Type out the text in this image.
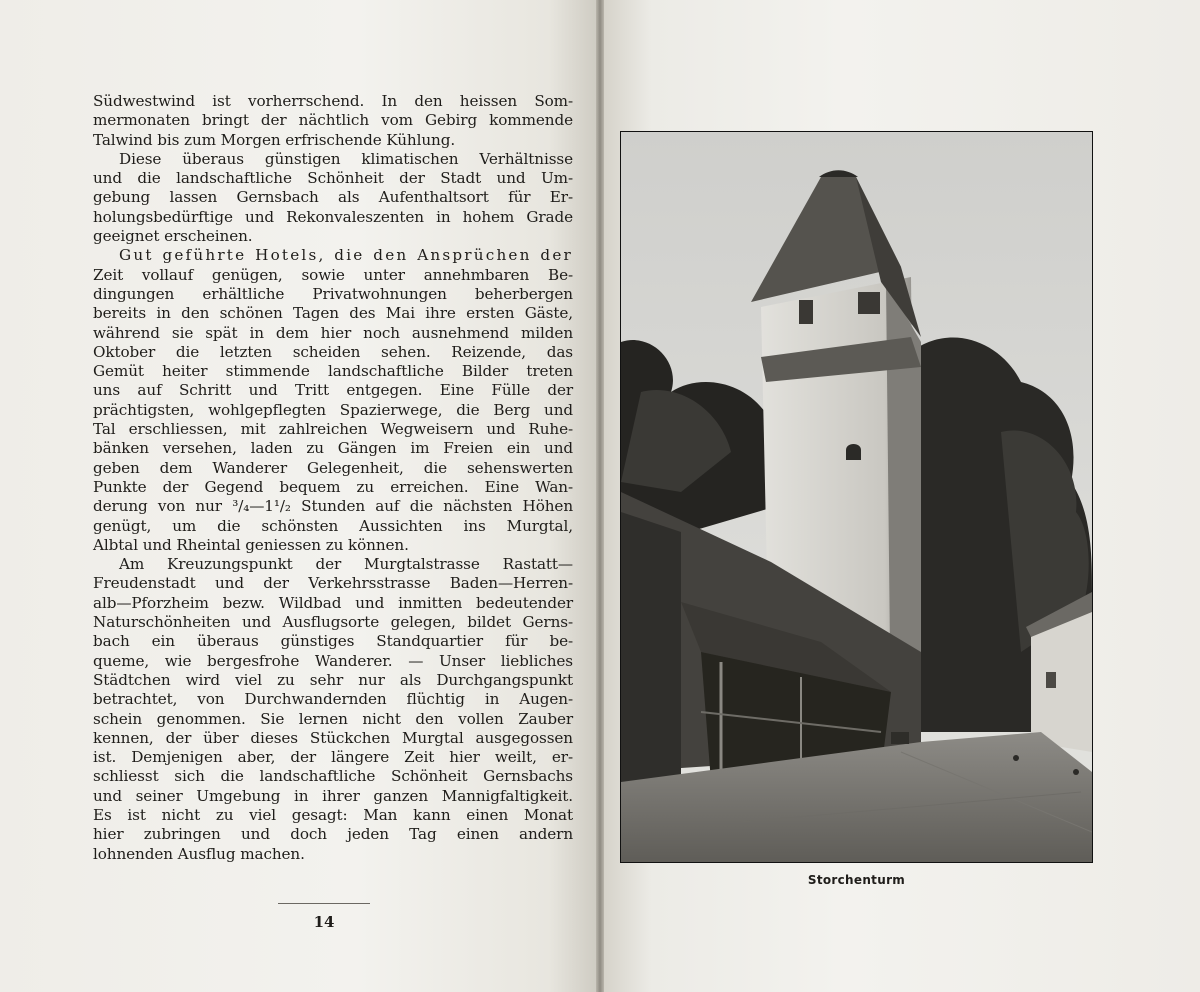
Südwestwind ist vorherrschend. In den heissen Som-
mermonaten bringt der nächtlich vom Gebirg kommende
Talwind bis zum Morgen erfrischende Kühlung.
Diese überaus günstigen klimatischen Verhältnisse
und die landschaftliche Schönheit der Stadt und Um-
gebung lassen Gernsbach als Aufenthaltsort für Er-
holungsbedürftige und Rekonvaleszenten in hohem Grade
geeignet erscheinen.
Gut geführte Hotels, die den Ansprüchen der
Zeit vollauf genügen, sowie unter annehmbaren Be-
dingungen erhältliche Privatwohnungen beherbergen
bereits in den schönen Tagen des Mai ihre ersten Gäste,
während sie spät in dem hier noch ausnehmend milden
Oktober die letzten scheiden sehen. Reizende, das
Gemüt heiter stimmende landschaftliche Bilder treten
uns auf Schritt und Tritt entgegen. Eine Fülle der
prächtigsten, wohlgepflegten Spazierwege, die Berg und
Tal erschliessen, mit zahlreichen Wegweisern und Ruhe-
bänken versehen, laden zu Gängen im Freien ein und
geben dem Wanderer Gelegenheit, die sehenswerten
Punkte der Gegend bequem zu erreichen. Eine Wan-
derung von nur ³/₄—1¹/₂ Stunden auf die nächsten Höhen
genügt, um die schönsten Aussichten ins Murgtal,
Albtal und Rheintal geniessen zu können.
Am Kreuzungspunkt der Murgtalstrasse Rastatt—
Freudenstadt und der Verkehrsstrasse Baden—Herren-
alb—Pforzheim bezw. Wildbad und inmitten bedeutender
Naturschönheiten und Ausflugsorte gelegen, bildet Gerns-
bach ein überaus günstiges Standquartier für be-
queme, wie bergesfrohe Wanderer. — Unser liebliches
Städtchen wird viel zu sehr nur als Durchgangspunkt
betrachtet, von Durchwandernden flüchtig in Augen-
schein genommen. Sie lernen nicht den vollen Zauber
kennen, der über dieses Stückchen Murgtal ausgegossen
ist. Demjenigen aber, der längere Zeit hier weilt, er-
schliesst sich die landschaftliche Schönheit Gernsbachs
und seiner Umgebung in ihrer ganzen Mannigfaltigkeit.
Es ist nicht zu viel gesagt: Man kann einen Monat
hier zubringen und doch jeden Tag einen andern
lohnenden Ausflug machen.
14
Storchenturm
